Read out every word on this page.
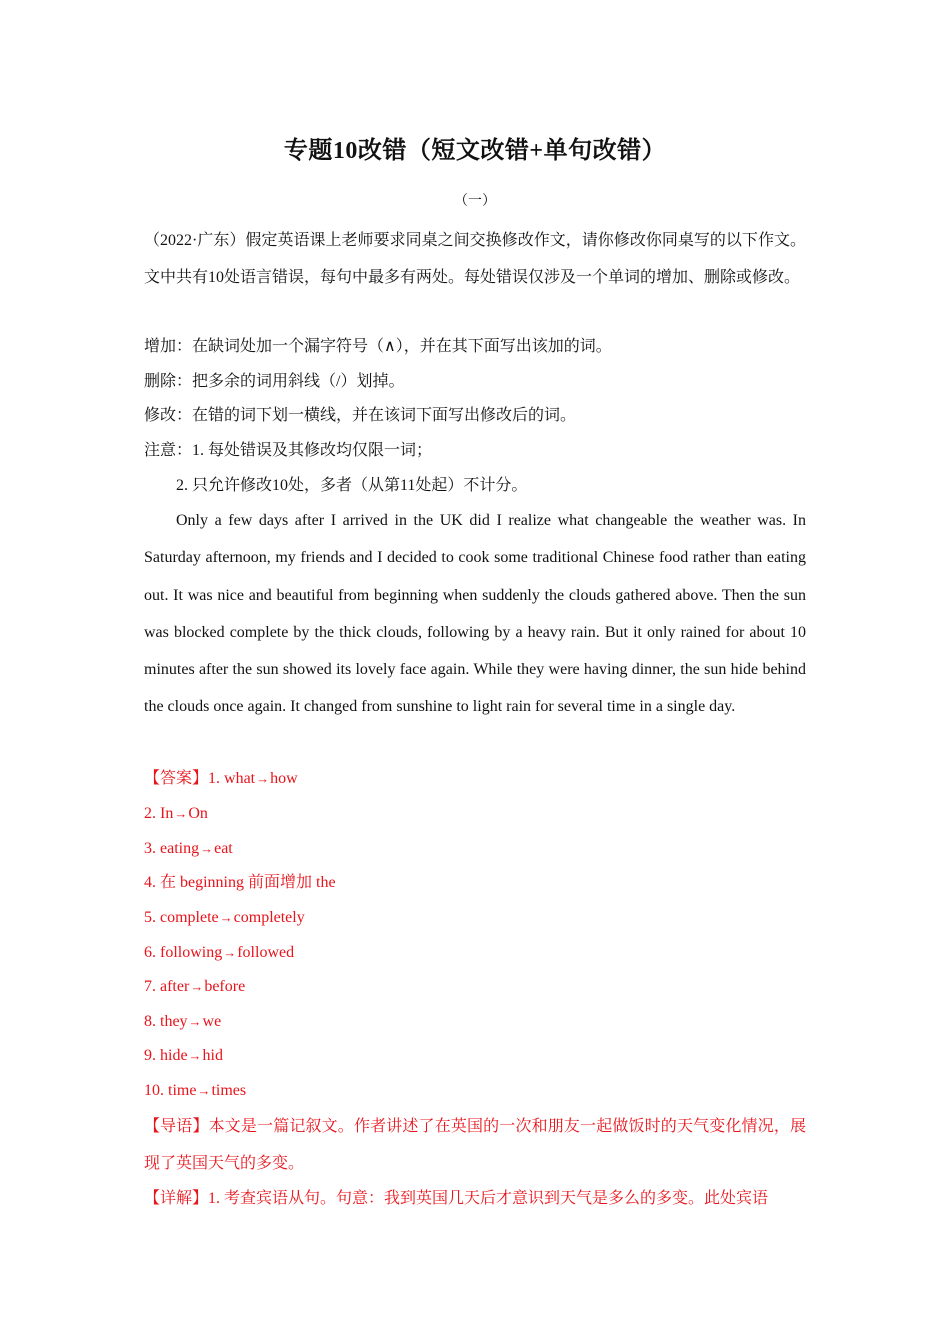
专题10改错（短文改错+单句改错）
（一）
（2022·广东）假定英语课上老师要求同桌之间交换修改作文，请你修改你同桌写的以下作文。文中共有10处语言错误，每句中最多有两处。每处错误仅涉及一个单词的增加、删除或修改。
增加：在缺词处加一个漏字符号（∧），并在其下面写出该加的词。
删除：把多余的词用斜线（/）划掉。
修改：在错的词下划一横线，并在该词下面写出修改后的词。
注意：1. 每处错误及其修改均仅限一词；
2. 只允许修改10处，多者（从第11处起）不计分。
Only a few days after I arrived in the UK did I realize what changeable the weather was. In Saturday afternoon, my friends and I decided to cook some traditional Chinese food rather than eating out. It was nice and beautiful from beginning when suddenly the clouds gathered above. Then the sun was blocked complete by the thick clouds, following by a heavy rain. But it only rained for about 10 minutes after the sun showed its lovely face again. While they were having dinner, the sun hide behind the clouds once again. It changed from sunshine to light rain for several time in a single day.
【答案】1. what→how
2. In→On
3. eating→eat
4. 在 beginning 前面增加 the
5. complete→completely
6. following→followed
7. after→before
8. they→we
9. hide→hid
10. time→times
【导语】本文是一篇记叙文。作者讲述了在英国的一次和朋友一起做饭时的天气变化情况，展现了英国天气的多变。
【详解】1. 考查宾语从句。句意：我到英国几天后才意识到天气是多么的多变。此处宾语
